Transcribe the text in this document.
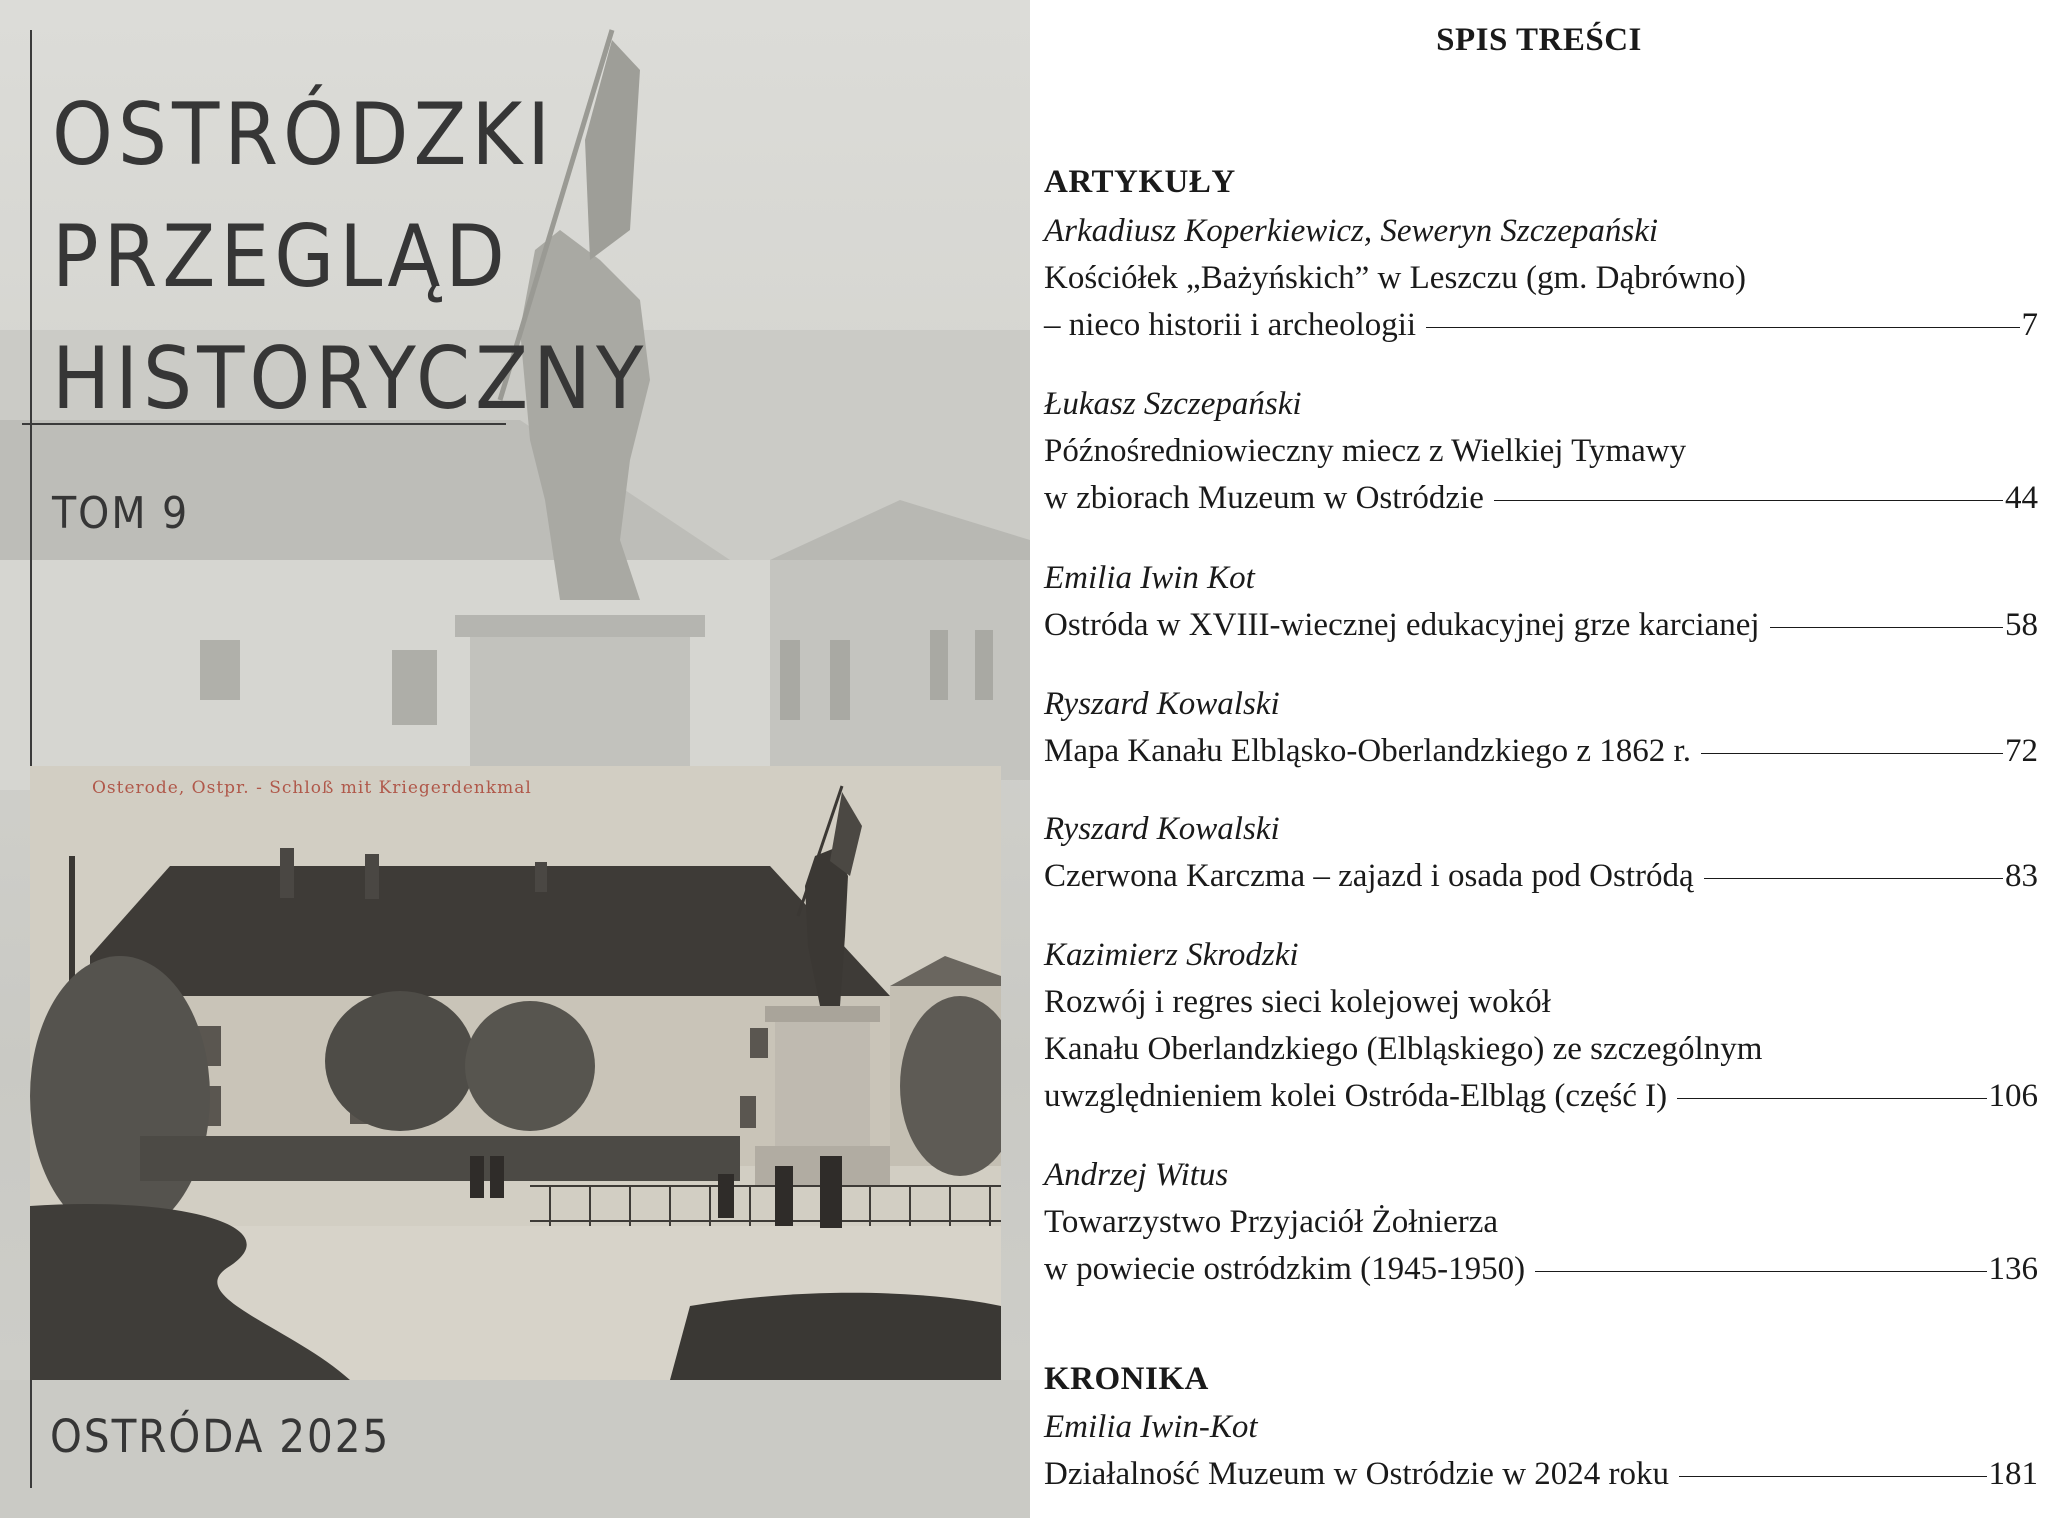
OSTRÓDZKI
PRZEGLĄD
HISTORYCZNY
TOM 9
Osterode, Ostpr. - Schloß mit Kriegerdenkmal
OSTRÓDA 2025
SPIS TREŚCI
ARTYKUŁY
Arkadiusz Koperkiewicz, Seweryn Szczepański
Kościółek „Bażyńskich” w Leszczu (gm. Dąbrówno)
– nieco historii i archeologii	7
Łukasz Szczepański
Późnośredniowieczny miecz z Wielkiej Tymawy
w zbiorach Muzeum w Ostródzie	44
Emilia Iwin Kot
Ostróda w XVIII-wiecznej edukacyjnej grze karcianej	58
Ryszard Kowalski
Mapa Kanału Elbląsko-Oberlandzkiego z 1862 r.	72
Ryszard Kowalski
Czerwona Karczma – zajazd i osada pod Ostródą	83
Kazimierz Skrodzki
Rozwój i regres sieci kolejowej wokół
Kanału Oberlandzkiego (Elbląskiego) ze szczególnym
uwzględnieniem kolei Ostróda-Elbląg (część I)	106
Andrzej Witus
Towarzystwo Przyjaciół Żołnierza
w powiecie ostródzkim (1945-1950)	136
KRONIKA
Emilia Iwin-Kot
Działalność Muzeum w Ostródzie w 2024 roku	181
